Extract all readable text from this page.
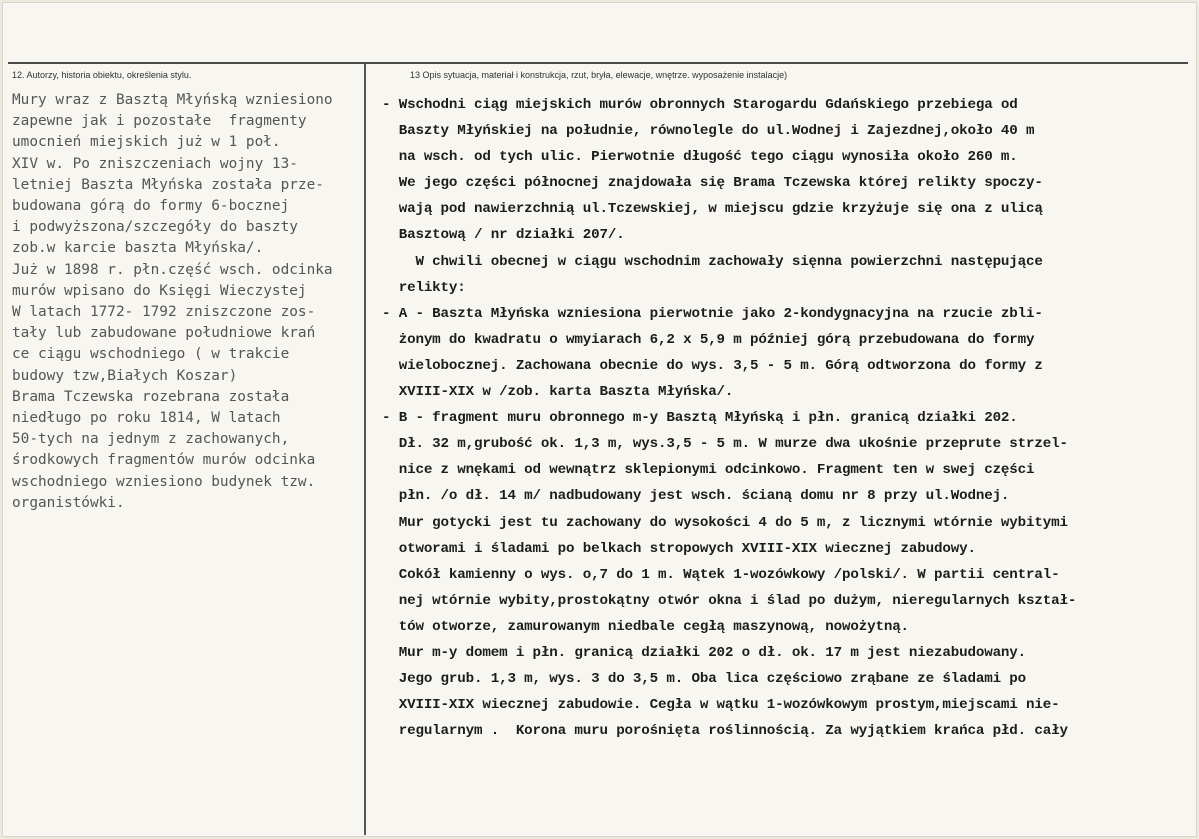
12. Autorzy, historia obiektu, określenia stylu.	13 Opis sytuacja, materiał i konstrukcja, rzut, bryła, elewacje, wnętrze. wyposażenie instalacje)
Mury wraz z Basztą Młyńską wzniesiono
zapewne jak i pozostałe  fragmenty
umocnień miejskich już w 1 poł.
XIV w. Po zniszczeniach wojny 13-
letniej Baszta Młyńska została prze-
budowana górą do formy 6-bocznej
i podwyższona/szczegóły do baszty
zob.w karcie baszta Młyńska/.
Już w 1898 r. płn.część wsch. odcinka
murów wpisano do Księgi Wieczystej
W latach 1772- 1792 zniszczone zos-
tały lub zabudowane południowe krań
ce ciągu wschodniego ( w trakcie
budowy tzw,Białych Koszar)
Brama Tczewska rozebrana została
niedługo po roku 1814, W latach
50-tych na jednym z zachowanych,
środkowych fragmentów murów odcinka
wschodniego wzniesiono budynek tzw.
organistówki.
- Wschodni ciąg miejskich murów obronnych Starogardu Gdańskiego przebiega od
Baszty Młyńskiej na południe, równolegle do ul.Wodnej i Zajezdnej,około 40 m
na wsch. od tych ulic. Pierwotnie długość tego ciągu wynosiła około 260 m.
We jego części północnej znajdowała się Brama Tczewska której relikty spoczy-
wają pod nawierzchnią ul.Tczewskiej, w miejscu gdzie krzyżuje się ona z ulicą
Basztową / nr działki 207/.
W chwili obecnej w ciągu wschodnim zachowały sięnna powierzchni następujące
relikty:
- A - Baszta Młyńska wzniesiona pierwotnie jako 2-kondygnacyjna na rzucie zbli-
żonym do kwadratu o wmyiarach 6,2 x 5,9 m później górą przebudowana do formy
wielobocznej. Zachowana obecnie do wys. 3,5 - 5 m. Górą odtworzona do formy z
XVIII-XIX w /zob. karta Baszta Młyńska/.
- B - fragment muru obronnego m-y Basztą Młyńską i płn. granicą działki 202.
Dł. 32 m,grubość ok. 1,3 m, wys.3,5 - 5 m. W murze dwa ukośnie przeprute strzel-
nice z wnękami od wewnątrz sklepionymi odcinkowo. Fragment ten w swej części
płn. /o dł. 14 m/ nadbudowany jest wsch. ścianą domu nr 8 przy ul.Wodnej.
Mur gotycki jest tu zachowany do wysokości 4 do 5 m, z licznymi wtórnie wybitymi
otworami i śladami po belkach stropowych XVIII-XIX wiecznej zabudowy.
Cokół kamienny o wys. o,7 do 1 m. Wątek 1-wozówkowy /polski/. W partii central-
nej wtórnie wybity,prostokątny otwór okna i ślad po dużym, nieregularnych kształ-
tów otworze, zamurowanym niedbale cegłą maszynową, nowożytną.
Mur m-y domem i płn. granicą działki 202 o dł. ok. 17 m jest niezabudowany.
Jego grub. 1,3 m, wys. 3 do 3,5 m. Oba lica częściowo zrąbane ze śladami po
XVIII-XIX wiecznej zabudowie. Cegła w wątku 1-wozówkowym prostym,miejscami nie-
regularnym .  Korona muru porośnięta roślinnością. Za wyjątkiem krańca płd. cały
